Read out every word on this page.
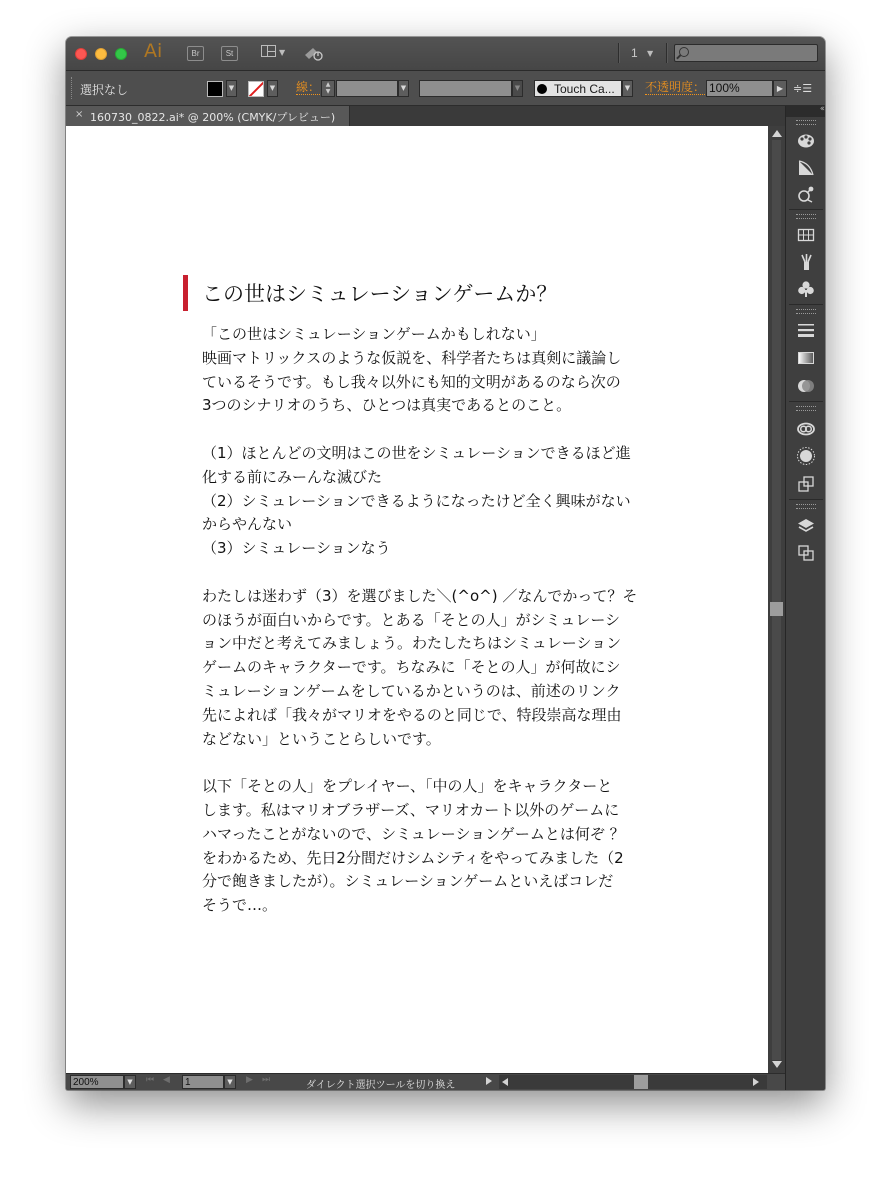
Ai	Br	St	▼	1 ▼
選択なし	▼	▼ 線： ▲
▼	▼	▼	Touch Ca...	▼ 不透明度： 100%	▶ ≑☰
× 160730_0822.ai* @ 200% (CMYK/プレビュー)
この世はシミュレーションゲームか？

「この世はシミュレーションゲームかもしれない」

映画マトリックスのような仮説を、科学者たちは真剣に議論し

ているそうです。もし我々以外にも知的文明があるのなら次の

3つのシナリオのうち、ひとつは真実であるとのこと。

（1）ほとんどの文明はこの世をシミュレーションできるほど進

化する前にみーんな滅びた

（2）シミュレーションできるようになったけど全く興味がない

からやんない

（3）シミュレーションなう

わたしは迷わず（3）を選びました＼(^o^) ／なんでかって？そ

のほうが面白いからです。とある「そとの人」がシミュレーシ

ョン中だと考えてみましょう。わたしたちはシミュレーション

ゲームのキャラクターです。ちなみに「そとの人」が何故にシ

ミュレーションゲームをしているかというのは、前述のリンク

先によれば「我々がマリオをやるのと同じで、特段崇高な理由

などない」ということらしいです。

以下「そとの人」をプレイヤー、「中の人」をキャラクターと

します。私はマリオブラザーズ、マリオカート以外のゲームに

ハマったことがないので、シミュレーションゲームとは何ぞ ？

をわかるため、先日2分間だけシムシティをやってみました（2

分で飽きましたが）。シミュレーションゲームといえばコレだ

そうで…。

‹‹
200%	▼	⏮ ◀	1	▼	▶ ⏭	ダイレクト選択ツールを切り換え
